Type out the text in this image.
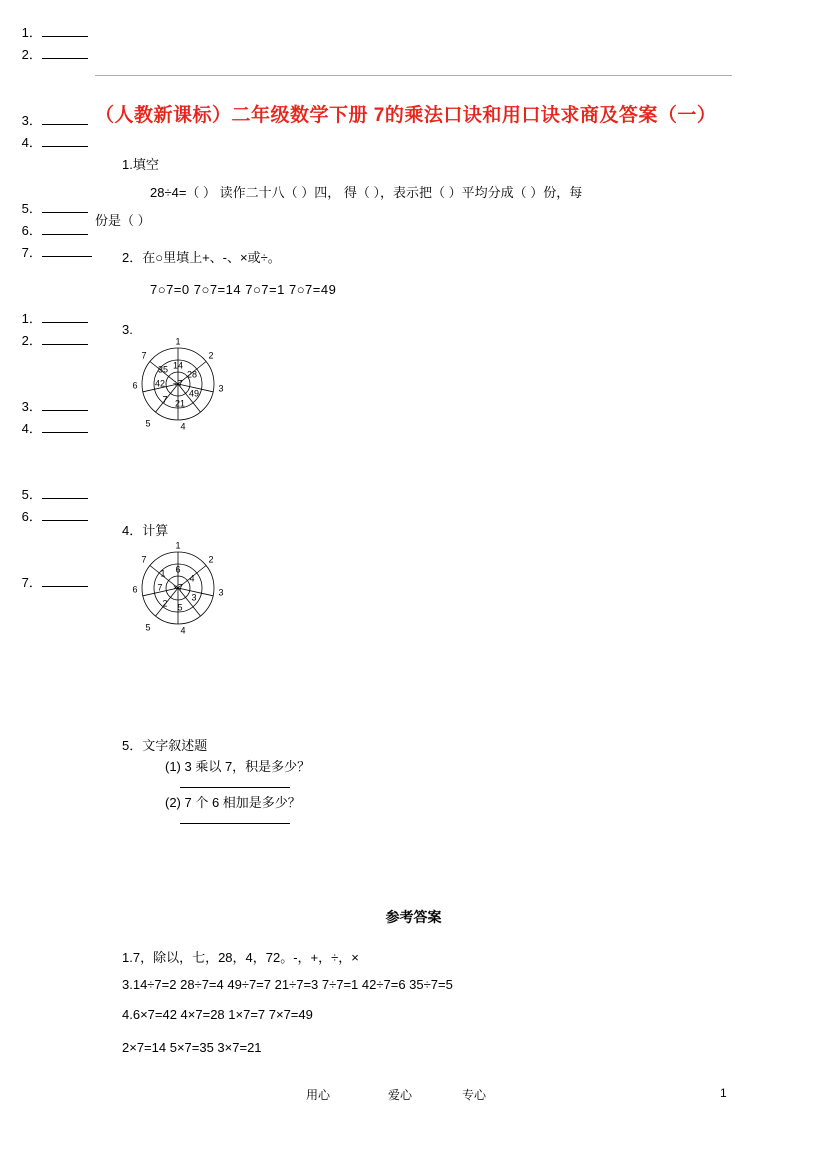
（人教新课标）二年级数学下册 7的乘法口诀和用口诀求商及答案（一）
1.填空
28÷4=（ ） 读作二十八（ ）四， 得（ ），表示把（ ）平均分成（ ）份，每
份是（ ）
2．在○里填上+、-、×或÷。
7○7=0 7○7=14 7○7=1 7○7=49
3.
÷7
14
28
49
21
7
42
35
1
2
3
4
5
6
7

1．
2．

3．
4．

5．
6．
7．

4．计算
×7
6
4
3
5
2
7
1
1
2
3
4
5
6
7

1．
2．

3．
4．

5．
6．

7．

5．文字叙述题
(1) 3 乘以 7，积是多少？
(2) 7 个 6 相加是多少？
参考答案
1.7，除以，七，28，4，72。-，+，÷，×
3.14÷7=2 28÷7=4 49÷7=7 21÷7=3 7÷7=1 42÷7=6 35÷7=5
4.6×7=42 4×7=28 1×7=7 7×7=49
2×7=14 5×7=35 3×7=21
用心	爱心	专心	1
